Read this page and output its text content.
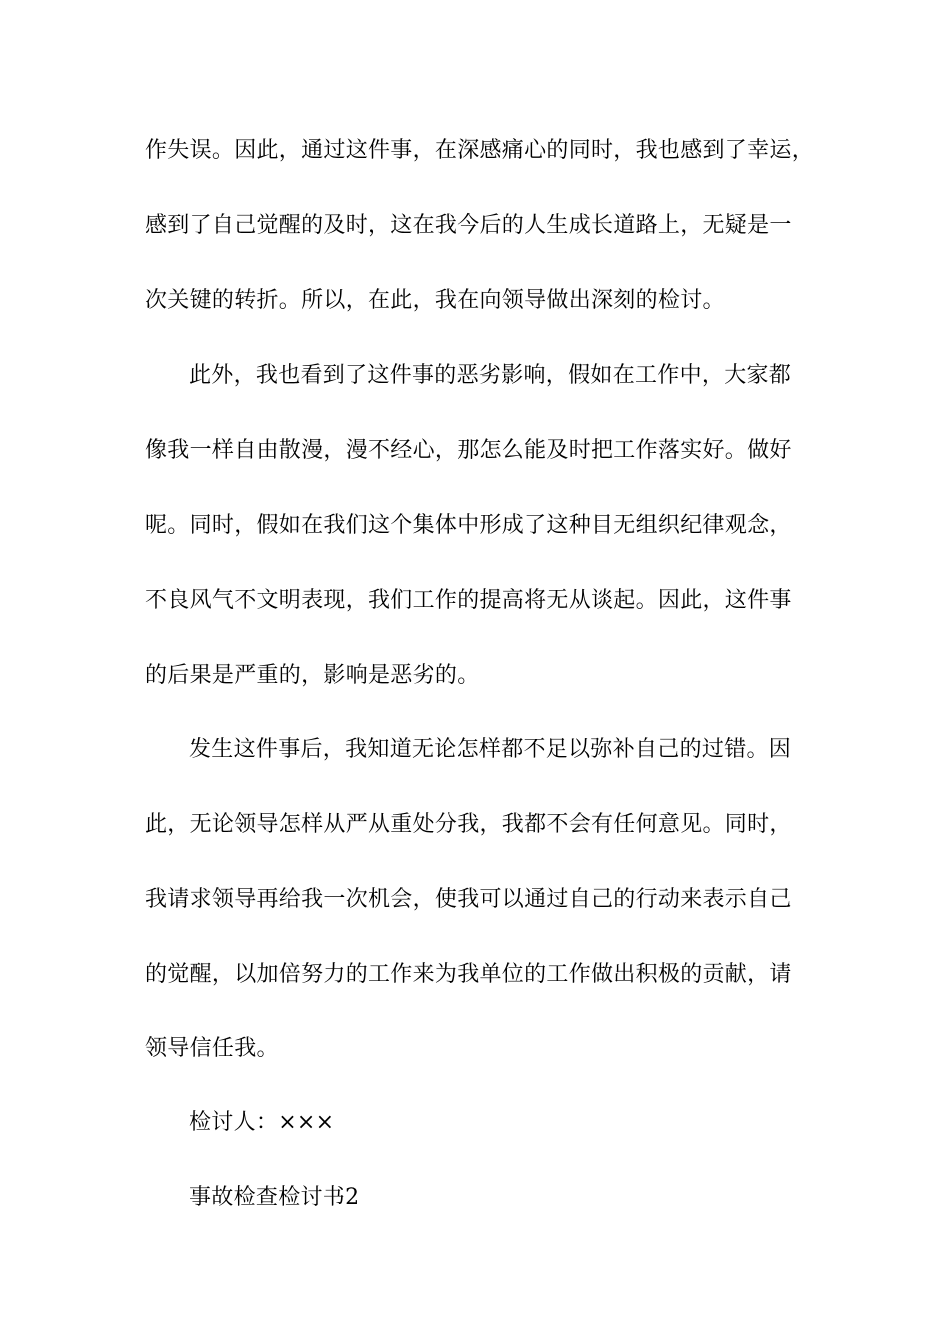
作失误。因此，通过这件事，在深感痛心的同时，我也感到了幸运，
感到了自己觉醒的及时，这在我今后的人生成长道路上，无疑是一
次关键的转折。所以，在此，我在向领导做出深刻的检讨。
此外，我也看到了这件事的恶劣影响，假如在工作中，大家都
像我一样自由散漫，漫不经心，那怎么能及时把工作落实好。做好
呢。同时，假如在我们这个集体中形成了这种目无组织纪律观念，
不良风气不文明表现，我们工作的提高将无从谈起。因此，这件事
的后果是严重的，影响是恶劣的。
发生这件事后，我知道无论怎样都不足以弥补自己的过错。因
此，无论领导怎样从严从重处分我，我都不会有任何意见。同时，
我请求领导再给我一次机会，使我可以通过自己的行动来表示自己
的觉醒，以加倍努力的工作来为我单位的工作做出积极的贡献，请
领导信任我。
检讨人：×××
事故检查检讨书2
